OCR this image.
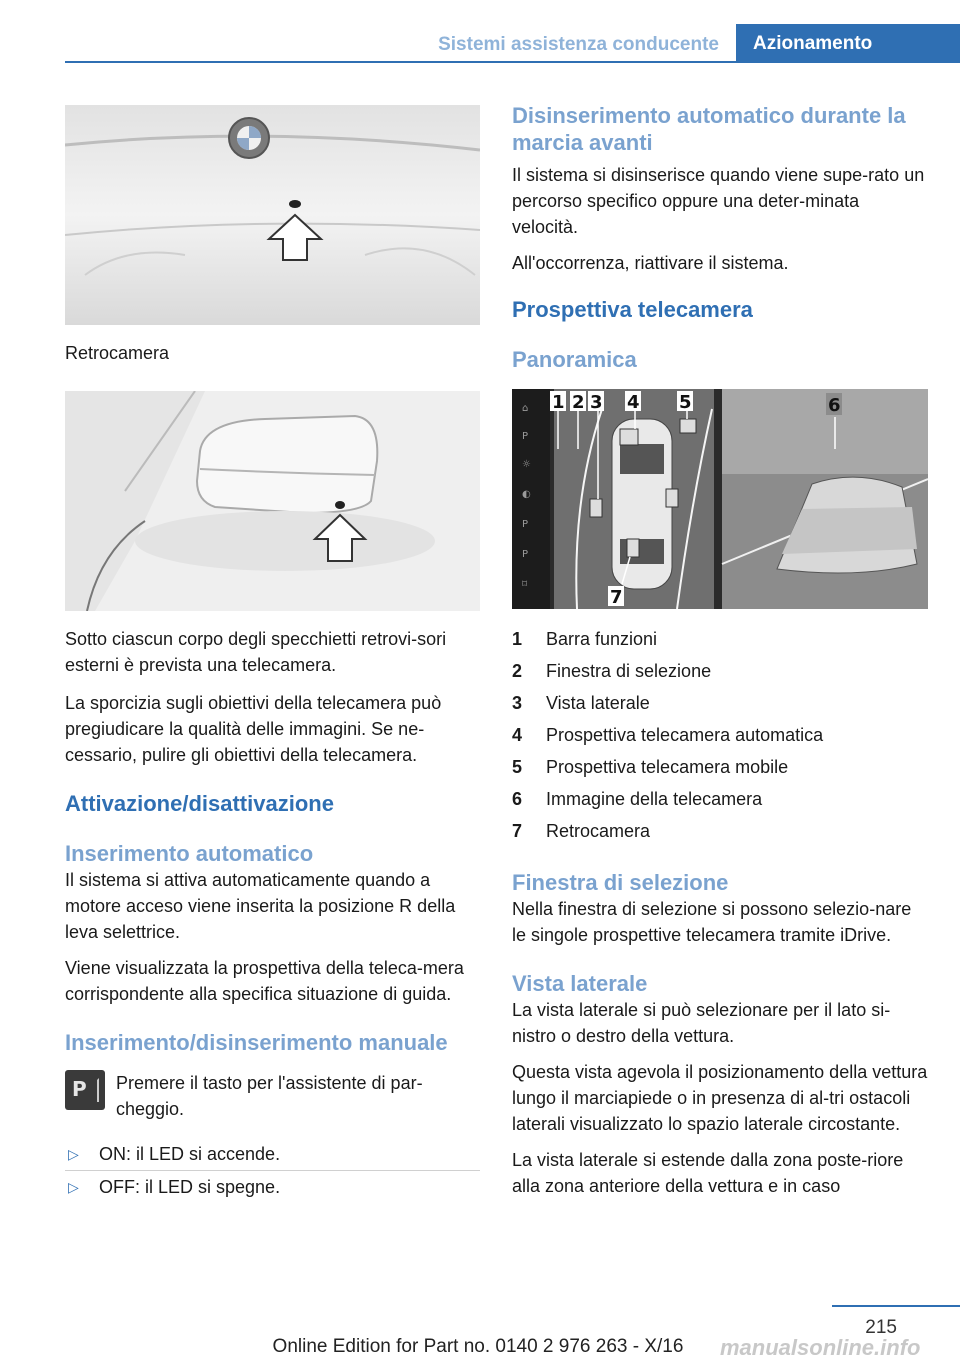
Sistemi assistenza conducente	Azionamento
Retrocamera

Sotto ciascun corpo degli specchietti retrovi-sori esterni è prevista una telecamera.

La sporcizia sugli obiettivi della telecamera può pregiudicare la qualità delle immagini. Se ne-cessario, pulire gli obiettivi della telecamera.

Attivazione/disattivazione
Inserimento automatico

Il sistema si attiva automaticamente quando a motore acceso viene inserita la posizione R della leva selettrice.

Viene visualizzata la prospettiva della teleca-mera corrispondente alla specifica situazione di guida.

Inserimento/disinserimento manuale
P Premere il tasto per l'assistente di par-cheggio.

▷	ON: il LED si accende.
▷	OFF: il LED si spegne.
Disinserimento automatico durante la marcia avanti

Il sistema si disinserisce quando viene supe-rato un percorso specifico oppure una deter-minata velocità.

All'occorrenza, riattivare il sistema.

Prospettiva telecamera
Panoramica
⌂
P
☼
◐
P
P
⌑
1 2 3 4 5	6
7
1	Barra funzioni
2	Finestra di selezione
3	Vista laterale
4	Prospettiva telecamera automatica
5	Prospettiva telecamera mobile
6	Immagine della telecamera
7	Retrocamera
Finestra di selezione

Nella finestra di selezione si possono selezio-nare le singole prospettive telecamera tramite iDrive.

Vista laterale

La vista laterale si può selezionare per il lato si-nistro o destro della vettura.

Questa vista agevola il posizionamento della vettura lungo il marciapiede o in presenza di al-tri ostacoli laterali visualizzato lo spazio laterale circostante.

La vista laterale si estende dalla zona poste-riore alla zona anteriore della vettura e in caso

215
Online Edition for Part no. 0140 2 976 263 - X/16	manualsonline.info
